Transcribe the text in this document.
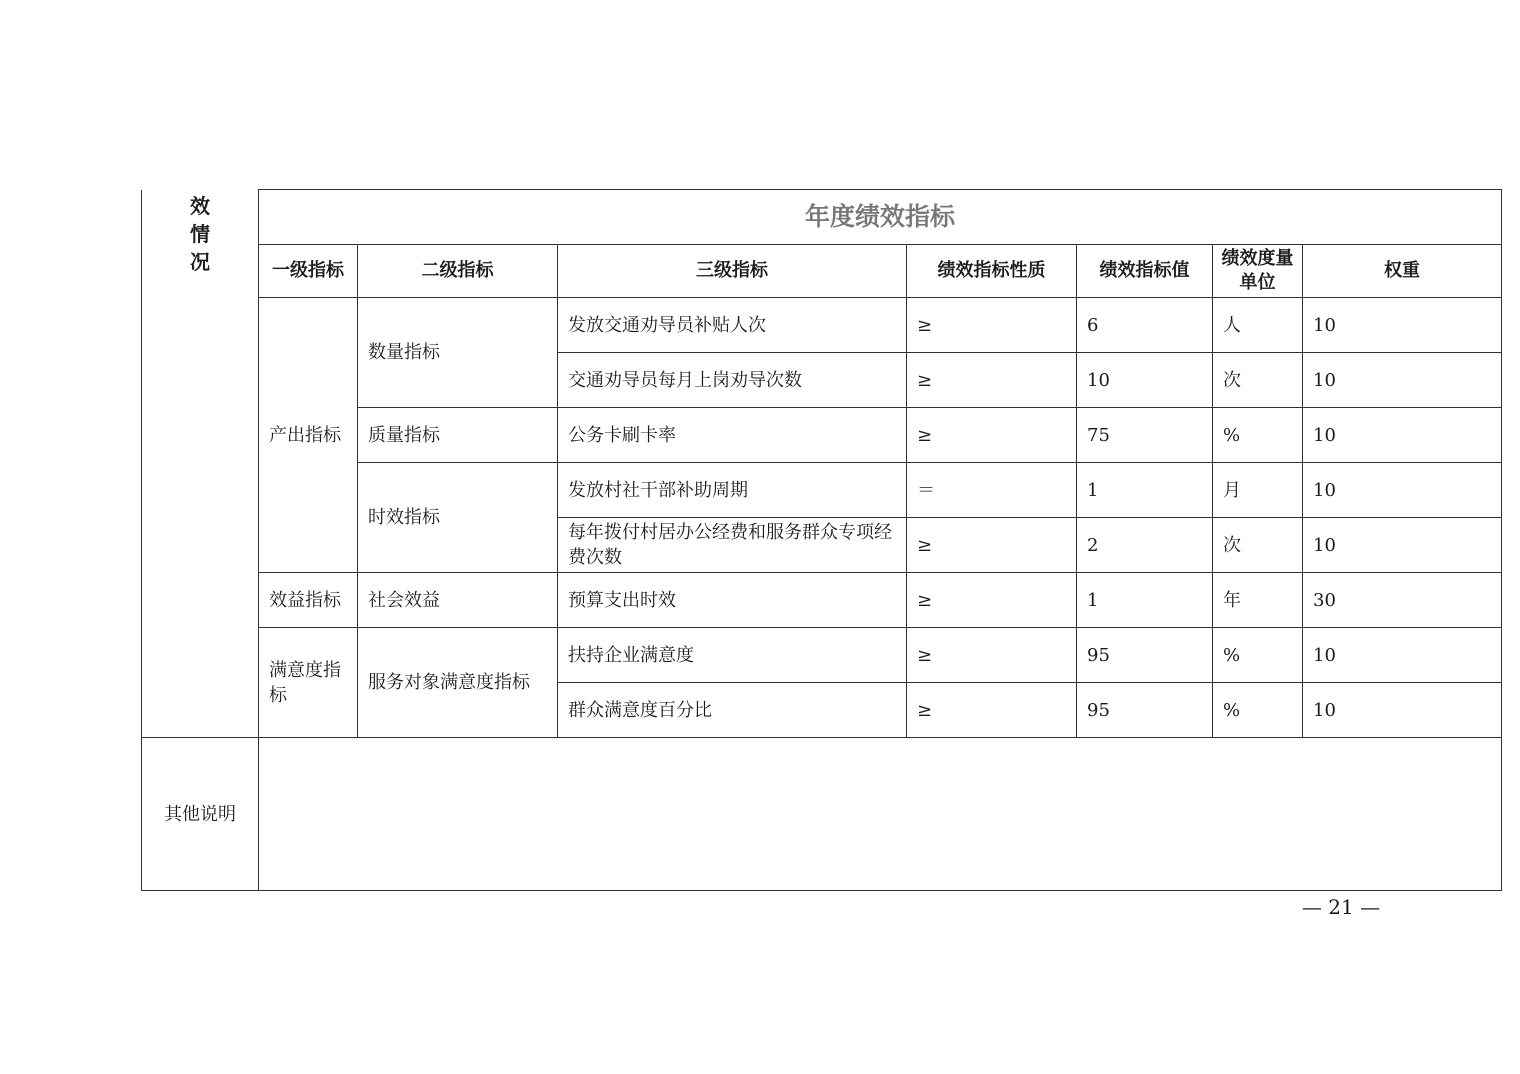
效情况	年度绩效指标						
	一级指标	二级指标	三级指标	绩效指标性质	绩效指标值	绩效度量单位	权重
	产出指标	数量指标	发放交通劝导员补贴人次	≥	6	人	10
			交通劝导员每月上岗劝导次数	≥	10	次	10
		质量指标	公务卡刷卡率	≥	75	%	10
		时效指标	发放村社干部补助周期	＝	1	月	10
			每年拨付村居办公经费和服务群众专项经费次数	≥	2	次	10
	效益指标	社会效益	预算支出时效	≥	1	年	30
	满意度指标	服务对象满意度指标	扶持企业满意度	≥	95	%	10
			群众满意度百分比	≥	95	%	10
其他说明							
— 21 —
